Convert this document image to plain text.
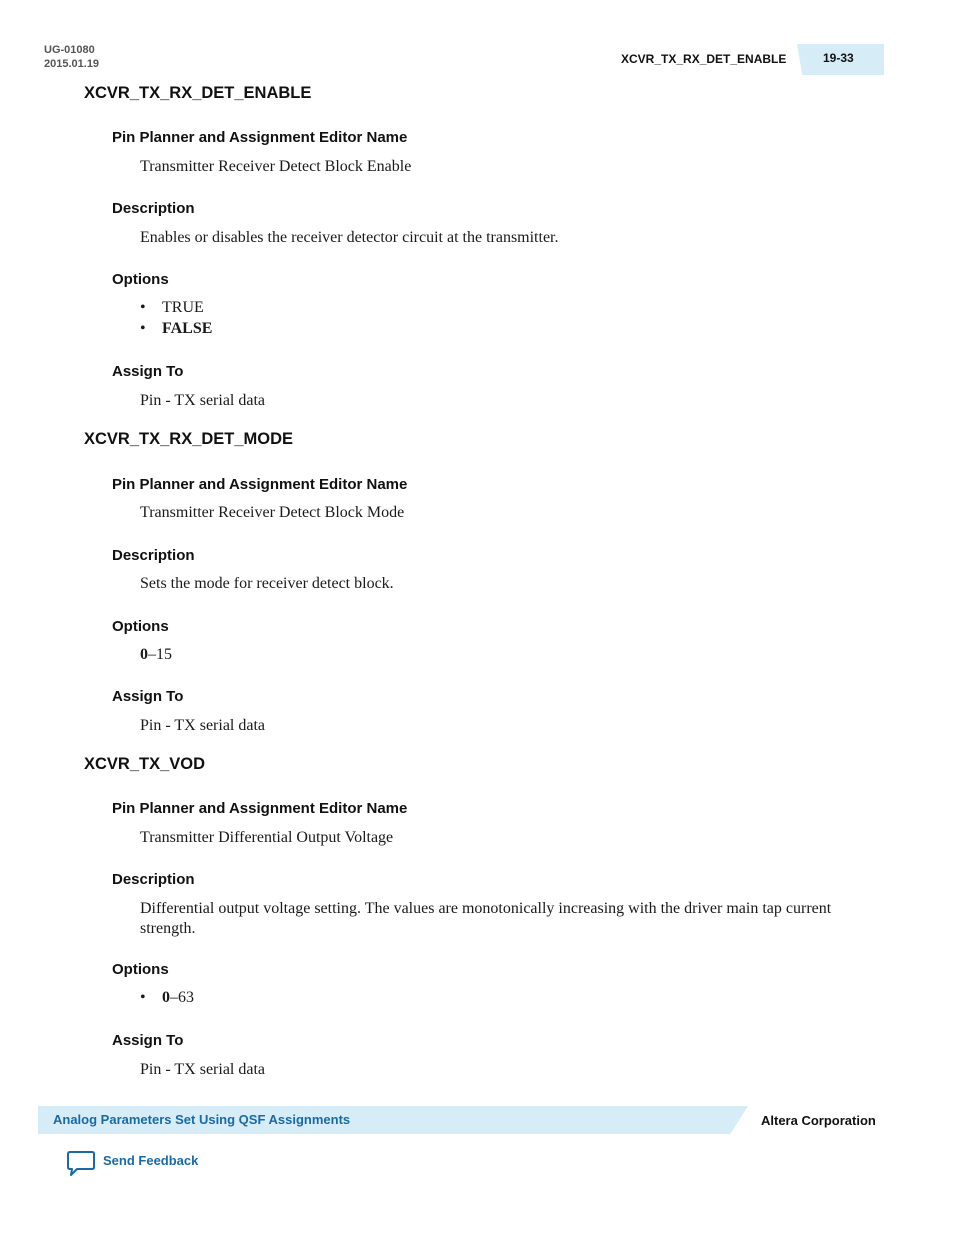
UG-01080
2015.01.19	XCVR_TX_RX_DET_ENABLE	19-33
XCVR_TX_RX_DET_ENABLE
Pin Planner and Assignment Editor Name
Transmitter Receiver Detect Block Enable
Description
Enables or disables the receiver detector circuit at the transmitter.
Options
• TRUE
• FALSE
Assign To
Pin - TX serial data
XCVR_TX_RX_DET_MODE
Pin Planner and Assignment Editor Name
Transmitter Receiver Detect Block Mode
Description
Sets the mode for receiver detect block.
Options
0–15
Assign To
Pin - TX serial data
XCVR_TX_VOD
Pin Planner and Assignment Editor Name
Transmitter Differential Output Voltage
Description
Differential output voltage setting. The values are monotonically increasing with the driver main tap current strength.
Options
• 0–63
Assign To
Pin - TX serial data
Analog Parameters Set Using QSF Assignments	Altera Corporation
Send Feedback
